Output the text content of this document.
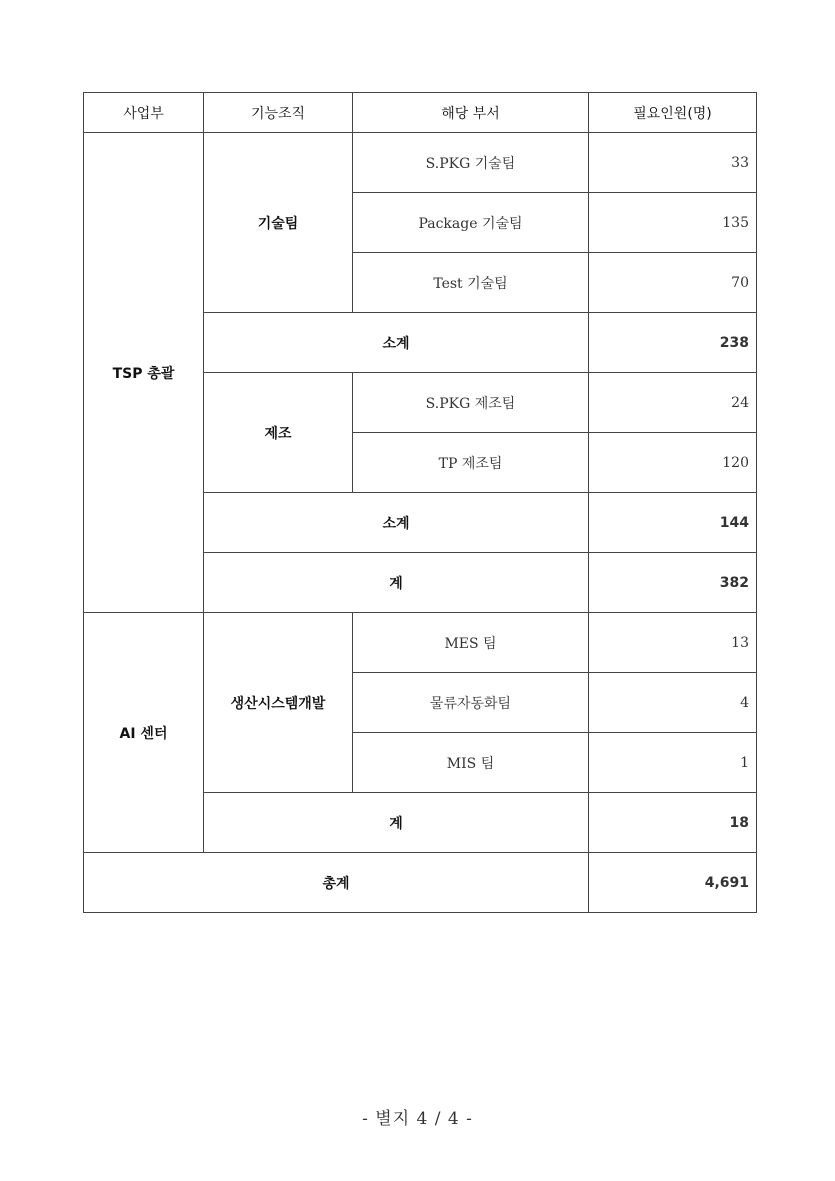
사업부	기능조직	해당 부서	필요인원(명)
TSP 총괄	기술팀	S.PKG 기술팀	33
		Package 기술팀	135
		Test 기술팀	70
	소계		238
	제조	S.PKG 제조팀	24
		TP 제조팀	120
	소계		144
	계		382
AI 센터	생산시스템개발	MES 팀	13
		물류자동화팀	4
		MIS 팀	1
	계		18
총계			4,691
- 별지 4 / 4 -
